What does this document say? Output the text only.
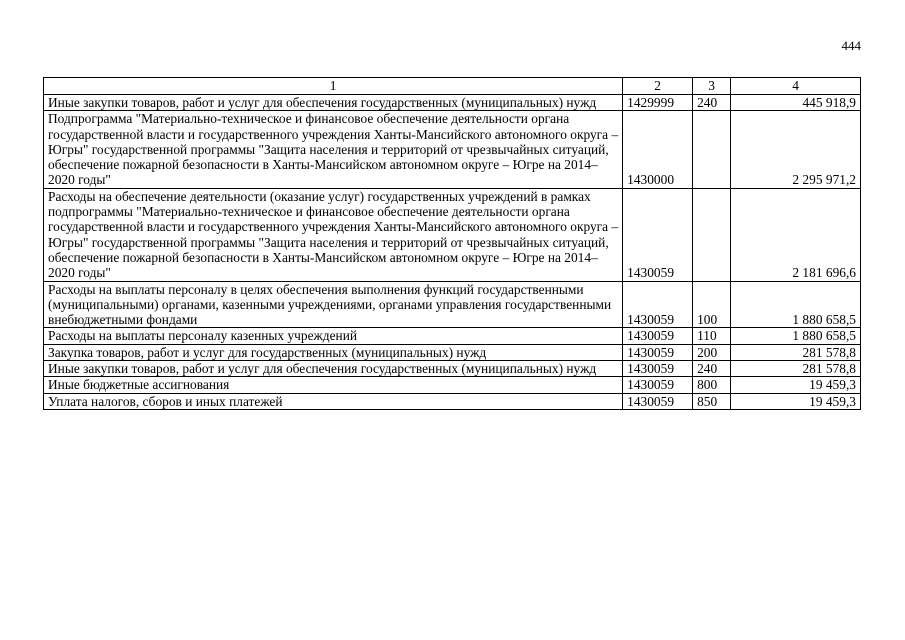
444
1	2	3	4
Иные закупки товаров, работ и услуг для обеспечения государственных (муниципальных) нужд	1429999	240	445 918,9
Подпрограмма "Материально-техническое и финансовое обеспечение деятельности органа государственной власти и государственного учреждения Ханты-Мансийского автономного округа – Югры" государственной программы "Защита населения и территорий от чрезвычайных ситуаций, обеспечение пожарной безопасности в Ханты-Мансийском автономном округе – Югре на 2014–2020 годы"	1430000		2 295 971,2
Расходы на обеспечение деятельности (оказание услуг) государственных учреждений в рамках подпрограммы "Материально-техническое и финансовое обеспечение деятельности органа государственной власти и государственного учреждения Ханты-Мансийского автономного округа – Югры" государственной программы "Защита населения и территорий от чрезвычайных ситуаций, обеспечение пожарной безопасности в Ханты-Мансийском автономном округе – Югре на 2014–2020 годы"	1430059		2 181 696,6
Расходы на выплаты персоналу в целях обеспечения выполнения функций государственными (муниципальными) органами, казенными учреждениями, органами управления государственными внебюджетными фондами	1430059	100	1 880 658,5
Расходы на выплаты персоналу казенных учреждений	1430059	110	1 880 658,5
Закупка товаров, работ и услуг для государственных (муниципальных) нужд	1430059	200	281 578,8
Иные закупки товаров, работ и услуг для обеспечения государственных (муниципальных) нужд	1430059	240	281 578,8
Иные бюджетные ассигнования	1430059	800	19 459,3
Уплата налогов, сборов и иных платежей	1430059	850	19 459,3
